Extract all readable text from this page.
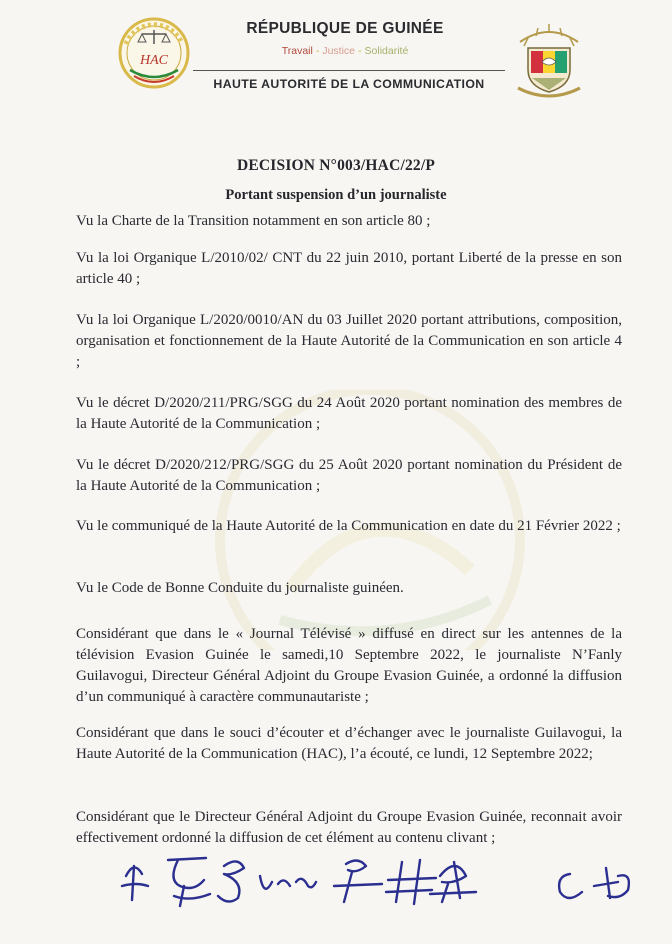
HAC
RÉPUBLIQUE DE GUINÉE
Travail - Justice - Solidarité
HAUTE AUTORITÉ DE LA COMMUNICATION
DECISION N°003/HAC/22/P
Portant suspension d’un journaliste
Vu la Charte de la Transition notamment en son article 80 ;
Vu la loi Organique L/2010/02/ CNT du 22 juin 2010, portant Liberté de la presse en son article 40 ;
Vu la loi Organique L/2020/0010/AN du 03 Juillet 2020 portant attributions, composition, organisation et fonctionnement de la Haute Autorité de la Communication en son article 4 ;
Vu le décret D/2020/211/PRG/SGG du 24 Août 2020 portant nomination des membres de la Haute Autorité de la Communication ;
Vu le décret D/2020/212/PRG/SGG du 25 Août 2020 portant nomination du Président de la Haute Autorité de la Communication ;
Vu le communiqué de la Haute Autorité de la Communication en date du 21 Février 2022 ;
Vu le Code de Bonne Conduite du journaliste guinéen.
Considérant que dans le « Journal Télévisé » diffusé en direct sur les antennes de la télévision Evasion Guinée le samedi,10 Septembre 2022, le journaliste N’Fanly Guilavogui, Directeur Général Adjoint du Groupe Evasion Guinée, a ordonné la diffusion d’un communiqué à caractère communautariste ;
Considérant que dans le souci d’écouter et d’échanger avec le journaliste Guilavogui, la Haute Autorité de la Communication (HAC), l’a écouté, ce lundi, 12 Septembre 2022;
Considérant que le Directeur Général Adjoint du Groupe Evasion Guinée, reconnait avoir effectivement ordonné la diffusion de cet élément au contenu clivant ;
